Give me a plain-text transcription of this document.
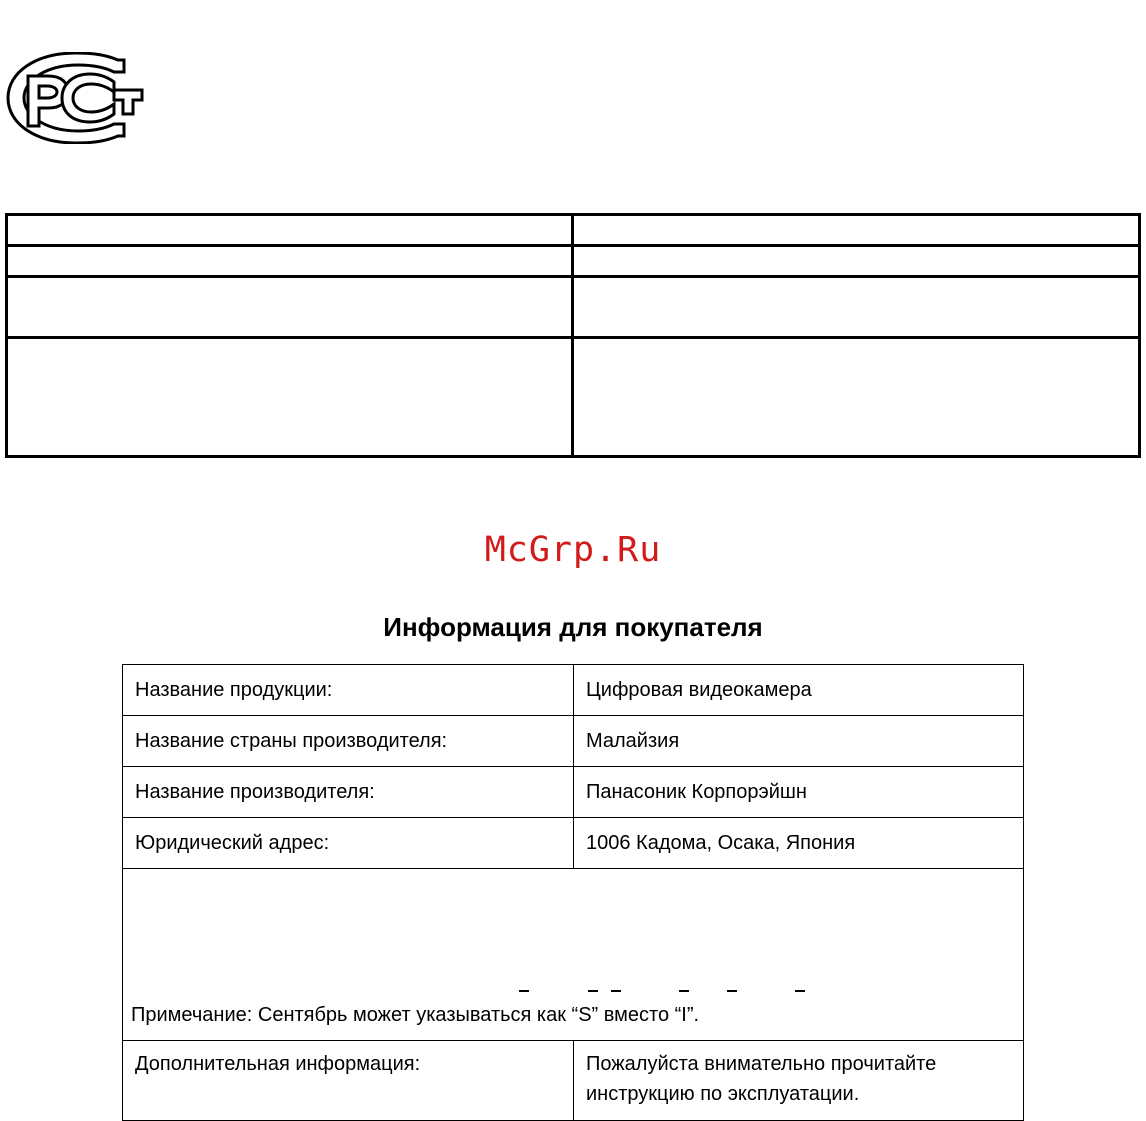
McGrp.Ru
Информация для покупателя
Название продукции:	Цифровая видеокамера
Название страны производителя:	Малайзия
Название производителя:	Панасоник Корпорэйшн
Юридический адрес:	1006 Кадома, Осака, Япония

Примечание: Сентябрь может указываться как “S” вместо “I”.	
Дополнительная информация:	Пожалуйста внимательно прочитайте
инструкцию по эксплуатации.
